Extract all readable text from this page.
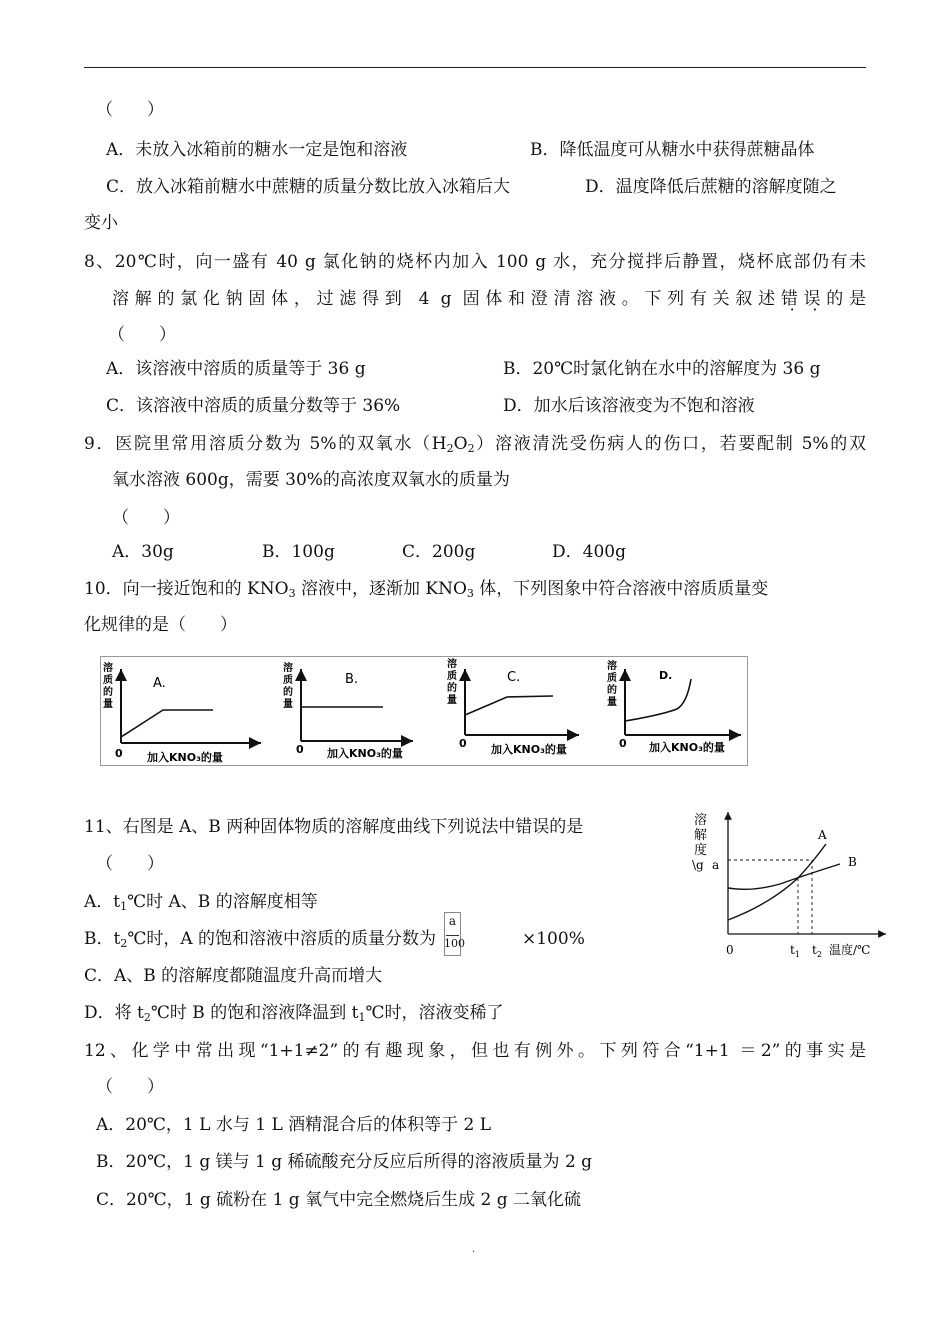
（　　）
A．未放入冰箱前的糖水一定是饱和溶液	B．降低温度可从糖水中获得蔗糖晶体
C．放入冰箱前糖水中蔗糖的质量分数比放入冰箱后大	D．温度降低后蔗糖的溶解度随之
变小
8、20℃时，向一盛有 40 g 氯化钠的烧杯内加入 100 g 水，充分搅拌后静置，烧杯底部仍有未
溶解的氯化钠固体，过滤得到 4 g 固体和澄清溶液。下列有关叙述错误的是
（　　）
A．该溶液中溶质的质量等于 36 g	B．20℃时氯化钠在水中的溶解度为 36 g
C．该溶液中溶质的质量分数等于 36%	D．加水后该溶液变为不饱和溶液
9．医院里常用溶质分数为 5%的双氧水$(H_2O_2)$溶液清洗受伤病人的伤口，若要配制 5%的双
氧水溶液 600g，需要 30%的高浓度双氧水的质量为
（　　）
A．30g	B．100g	C．200g	D．400g
10．向一接近饱和的 $KNO_3$ 溶液中，逐渐加 $KNO_3$ 体，下列图象中符合溶液中溶质质量变
化规律的是（　　）
溶
质
的
量
A.
0 加入KNO₃的量
溶
质
的
量
B.
0 加入KNO₃的量
溶
质
的
量
C.
0 加入KNO₃的量
溶
质
的
量
D.
0 加入KNO₃的量
11、右图是 A、B 两种固体物质的溶解度曲线下列说法中错误的是
（　　）
A．$t_1℃$时 A、B 的溶解度相等
B．$t_2℃$时，A 的饱和溶液中溶质的质量分数为	×100%
a
100
C．A、B 的溶解度都随温度升高而增大
D．将 $t_2℃$时 B 的饱和溶液降温到 $t_1℃$时，溶液变稀了
溶
解
度
\g a
A
B
0	$t_1$ $t_2$ 温度/℃
12、化学中常出现“1+1≠2”的有趣现象，但也有例外。下列符合“1+1 ＝2”的事实是
（　　）
A．20℃，1 L 水与 1 L 酒精混合后的体积等于 2 L
B．20℃，1 g 镁与 1 g 稀硫酸充分反应后所得的溶液质量为 2 g
C．20℃，1 g 硫粉在 1 g 氧气中完全燃烧后生成 2 g 二氧化硫
.
